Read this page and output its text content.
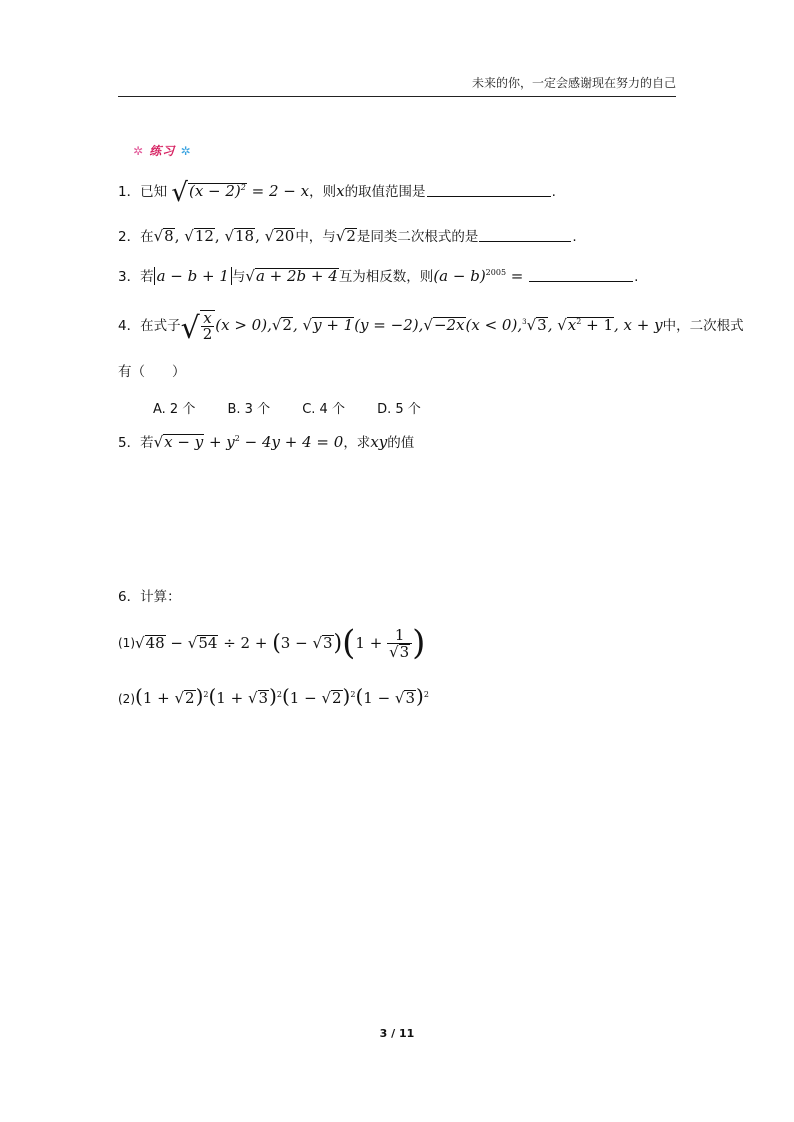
未来的你，一定会感谢现在努力的自己
✲ 练习 ✲
1．已知 $√(x - 2)^2 = 2 - x$，则x的取值范围是	.
2．在√8, √12, √18, √20中，与√2是同类二次根式的是	.
3．若 a − b + 1 与√a + 2b + 4互为相反数，则$(a - b)^{2005}$ =	.
4．在式子√ $\frac{x}{2} (x > 0),√2$, √y + 1(y = −2),√−2x(x < 0),$^3$√3, $√x^2 + 1$, x + y中，二次根式
有（　　）
A. 2 个 B. 3 个 C. 4 个 D. 5 个
5．若$√x - y + y^2 - 4y + 4 = 0$，求xy的值
6．计算：
$(1)√48 - √54 \div 2 + (3 - √3)(1 + \frac{1}{√3}$ )
$(2)(1 + √2)^2(1 + √3)^2(1 - √2)^2(1 - √3)^2$
3 / 11
